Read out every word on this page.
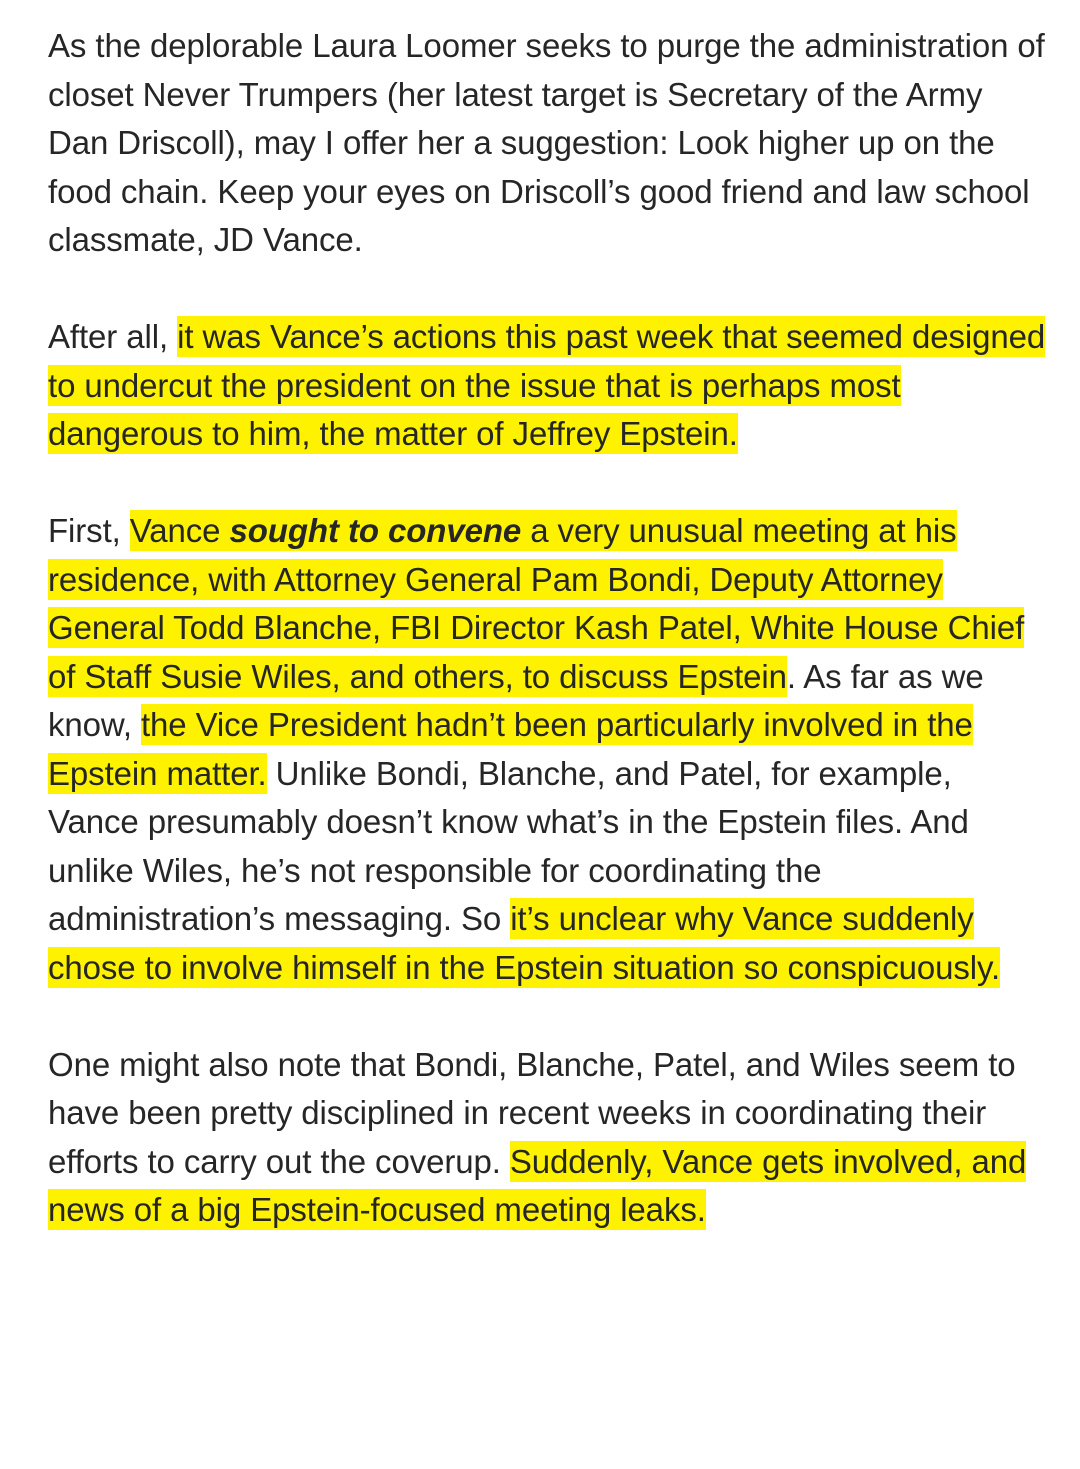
As the deplorable Laura Loomer seeks to purge the administration of closet Never Trumpers (her latest target is Secretary of the Army Dan Driscoll), may I offer her a suggestion: Look higher up on the food chain. Keep your eyes on Driscoll’s good friend and law school classmate, JD Vance.

After all, it was Vance’s actions this past week that seemed designed to undercut the president on the issue that is perhaps most dangerous to him, the matter of Jeffrey Epstein.

First, Vance sought to convene a very unusual meeting at his residence, with Attorney General Pam Bondi, Deputy Attorney General Todd Blanche, FBI Director Kash Patel, White House Chief of Staff Susie Wiles, and others, to discuss Epstein. As far as we know, the Vice President hadn’t been particularly involved in the Epstein matter. Unlike Bondi, Blanche, and Patel, for example, Vance presumably doesn’t know what’s in the Epstein files. And unlike Wiles, he’s not responsible for coordinating the administration’s messaging. So it’s unclear why Vance suddenly chose to involve himself in the Epstein situation so conspicuously.

One might also note that Bondi, Blanche, Patel, and Wiles seem to have been pretty disciplined in recent weeks in coordinating their efforts to carry out the coverup. Suddenly, Vance gets involved, and news of a big Epstein-focused meeting leaks.
